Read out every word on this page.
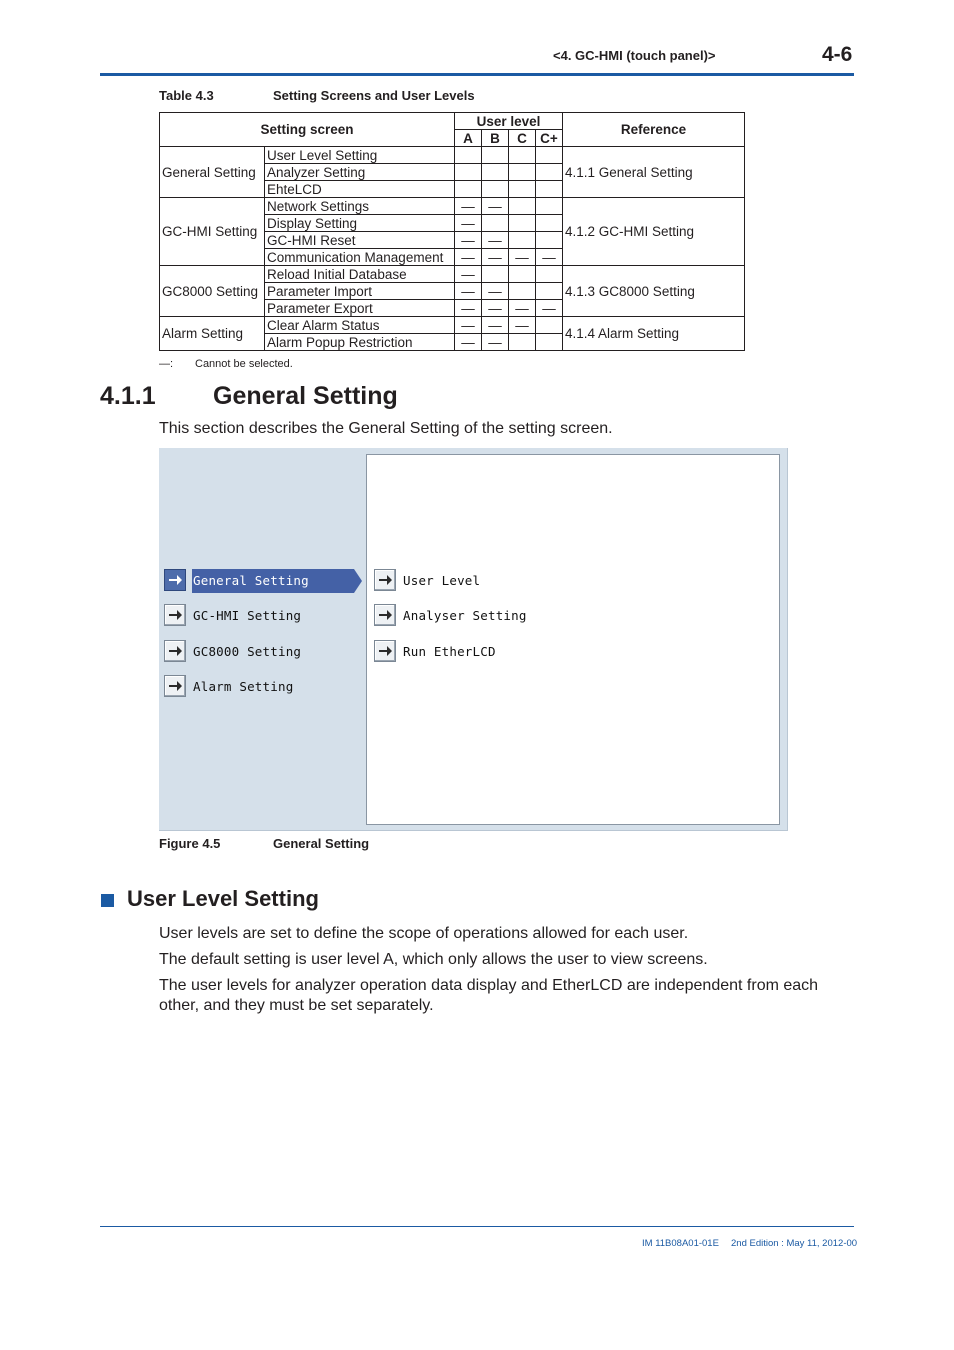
<4. GC-HMI (touch panel)>	4-6
Table 4.3	Setting Screens and User Levels
Setting screen		User level				Reference
		A	B	C	C+	
General Setting	User Level Setting					4.1.1 General Setting
	Analyzer Setting					
	EhteLCD					
GC-HMI Setting	Network Settings	—	—			4.1.2 GC-HMI Setting
	Display Setting	—				
	GC-HMI Reset	—	—			
	Communication Management	—	—	—	—	
GC8000 Setting	Reload Initial Database	—				4.1.3 GC8000 Setting
	Parameter Import	—	—			
	Parameter Export	—	—	—	—	
Alarm Setting	Clear Alarm Status	—	—	—		4.1.4 Alarm Setting
	Alarm Popup Restriction	—	—			
—: Cannot be selected.
4.1.1 General Setting
This section describes the General Setting of the setting screen.
General Setting
GC-HMI Setting
GC8000 Setting
Alarm Setting
User Level
Analyser Setting
Run EtherLCD
Figure 4.5	General Setting
User Level Setting
User levels are set to define the scope of operations allowed for each user.
The default setting is user level A, which only allows the user to view screens.
The user levels for analyzer operation data display and EtherLCD are independent from each other, and they must be set separately.
IM 11B08A01-01E 2nd Edition : May 11, 2012-00
